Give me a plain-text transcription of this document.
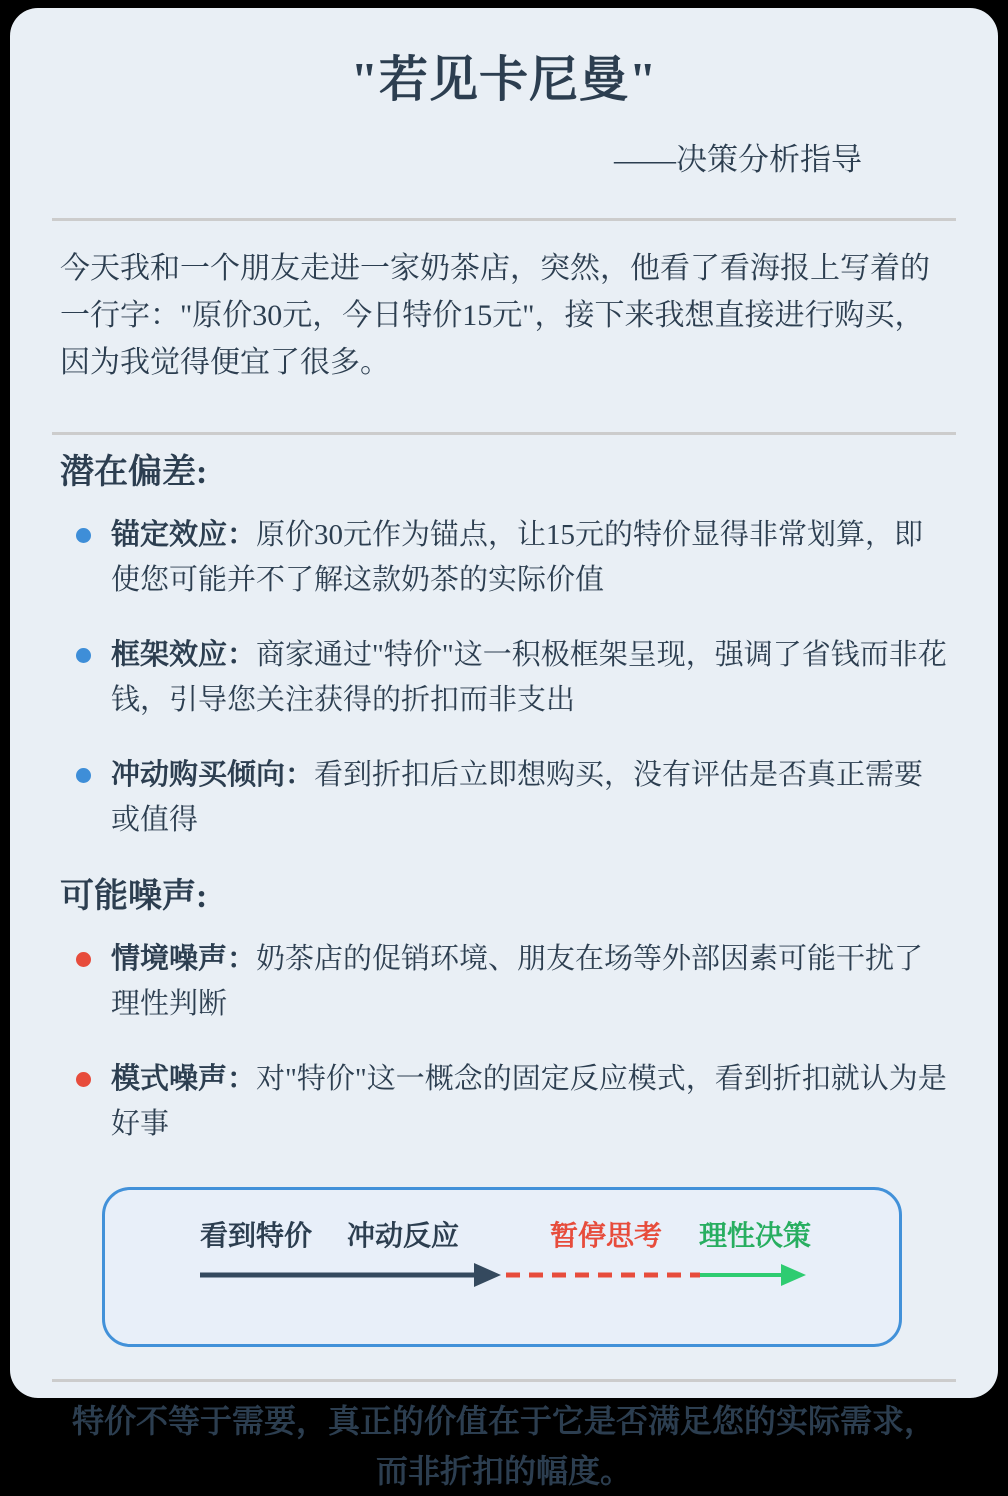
"若见卡尼曼"
——决策分析指导

今天我和一个朋友走进一家奶茶店，突然，他看了看海报上写着的一行字："原价30元，今日特价15元"，接下来我想直接进行购买，因为我觉得便宜了很多。

潜在偏差:
锚定效应：原价30元作为锚点，让15元的特价显得非常划算，即使您可能并不了解这款奶茶的实际价值
框架效应：商家通过"特价"这一积极框架呈现，强调了省钱而非花钱，引导您关注获得的折扣而非支出
冲动购买倾向：看到折扣后立即想购买，没有评估是否真正需要或值得
可能噪声:
情境噪声：奶茶店的促销环境、朋友在场等外部因素可能干扰了理性判断
模式噪声：对"特价"这一概念的固定反应模式，看到折扣就认为是好事
看到特价 冲动反应	暂停思考 理性决策

特价不等于需要，真正的价值在于它是否满足您的实际需求，而非折扣的幅度。
